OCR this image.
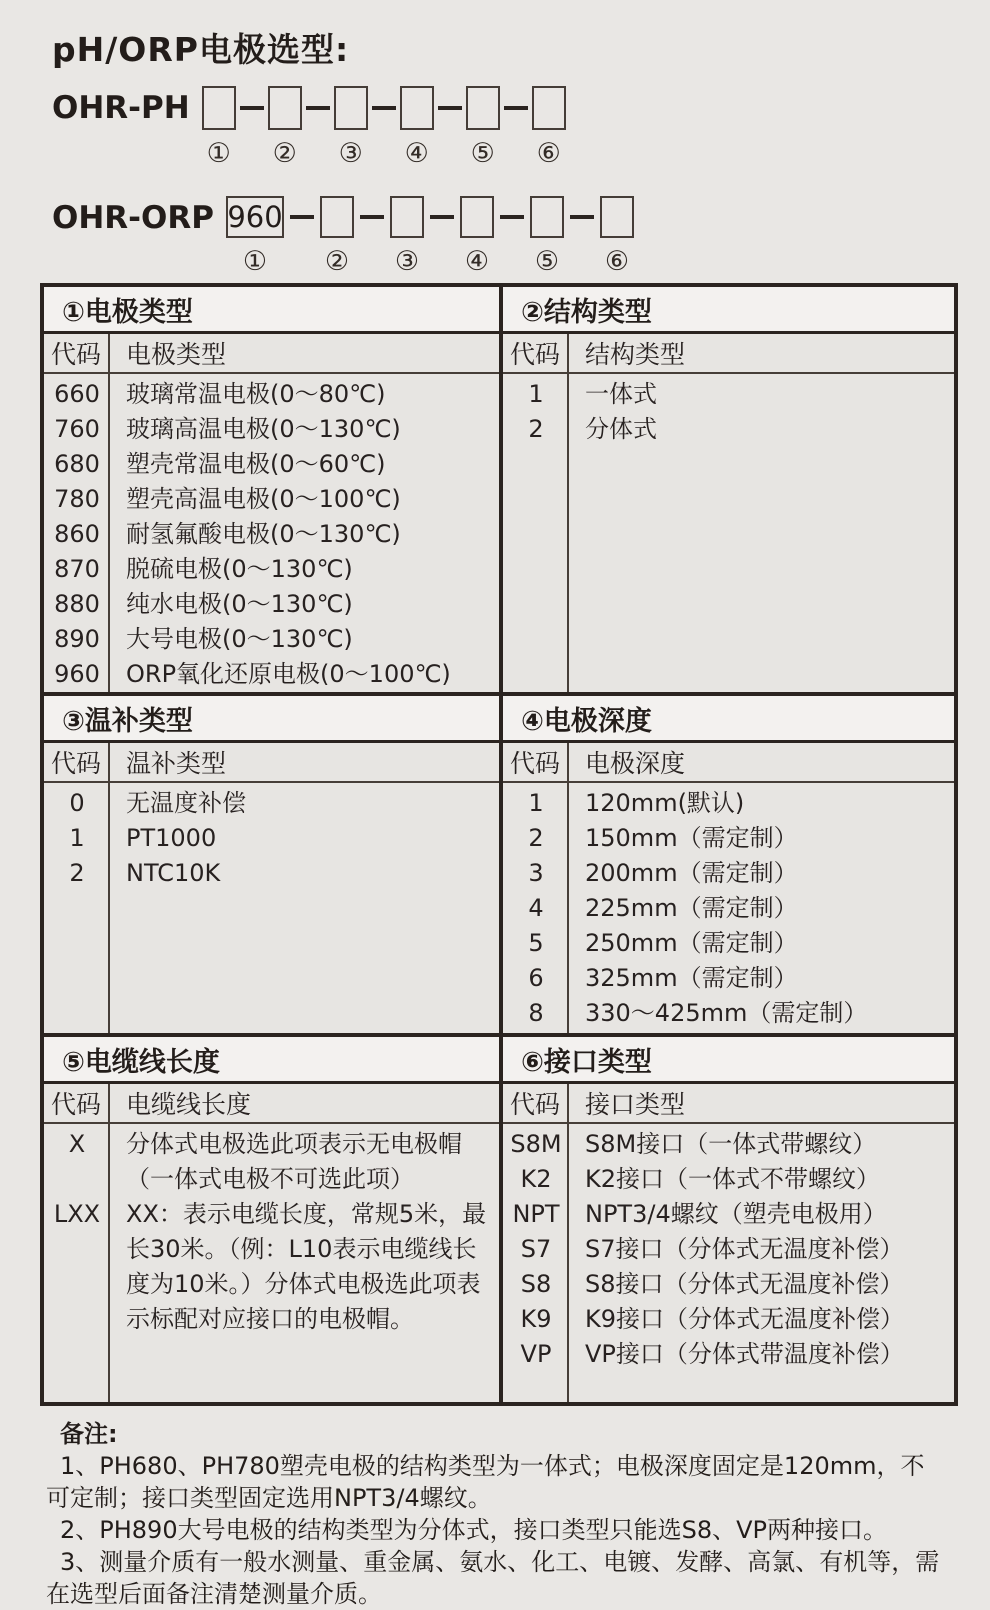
pH/ORP电极选型:
OHR-PH
① ② ③ ④ ⑤ ⑥
OHR-ORP 960
① ② ③ ④ ⑤ ⑥
①电极类型
代码	电极类型
660	玻璃常温电极(0～80℃)
760	玻璃高温电极(0～130℃)
680	塑壳常温电极(0～60℃)
780	塑壳高温电极(0～100℃)
860	耐氢氟酸电极(0～130℃)
870	脱硫电极(0～130℃)
880	纯水电极(0～130℃)
890	大号电极(0～130℃)
960	ORP氧化还原电极(0～100℃)
②结构类型
代码	结构类型
1	一体式
2	分体式
③温补类型
代码	温补类型
0	无温度补偿
1	PT1000
2	NTC10K
④电极深度
代码	电极深度
1	120mm(默认)
2	150mm（需定制）
3	200mm（需定制）
4	225mm（需定制）
5	250mm（需定制）
6	325mm（需定制）
8	330～425mm（需定制）
⑤电缆线长度
代码	电缆线长度
X	分体式电极选此项表示无电极帽（一体式电极不可选此项）
LXX	XX：表示电缆长度，常规5米，最长30米。（例：L10表示电缆线长度为10米。）分体式电极选此项表示标配对应接口的电极帽。
⑥接口类型
代码	接口类型
S8M S8M接口（一体式带螺纹）
K2	K2接口（一体式不带螺纹）
NPT	NPT3/4螺纹（塑壳电极用）
S7	S7接口（分体式无温度补偿）
S8	S8接口（分体式无温度补偿）
K9	K9接口（分体式无温度补偿）
VP	VP接口（分体式带温度补偿）

备注:

1、PH680、PH780塑壳电极的结构类型为一体式；电极深度固定是120mm，不可定制；接口类型固定选用NPT3/4螺纹。

2、PH890大号电极的结构类型为分体式，接口类型只能选S8、VP两种接口。

3、测量介质有一般水测量、重金属、氨水、化工、电镀、发酵、高氯、有机等，需在选型后面备注清楚测量介质。
